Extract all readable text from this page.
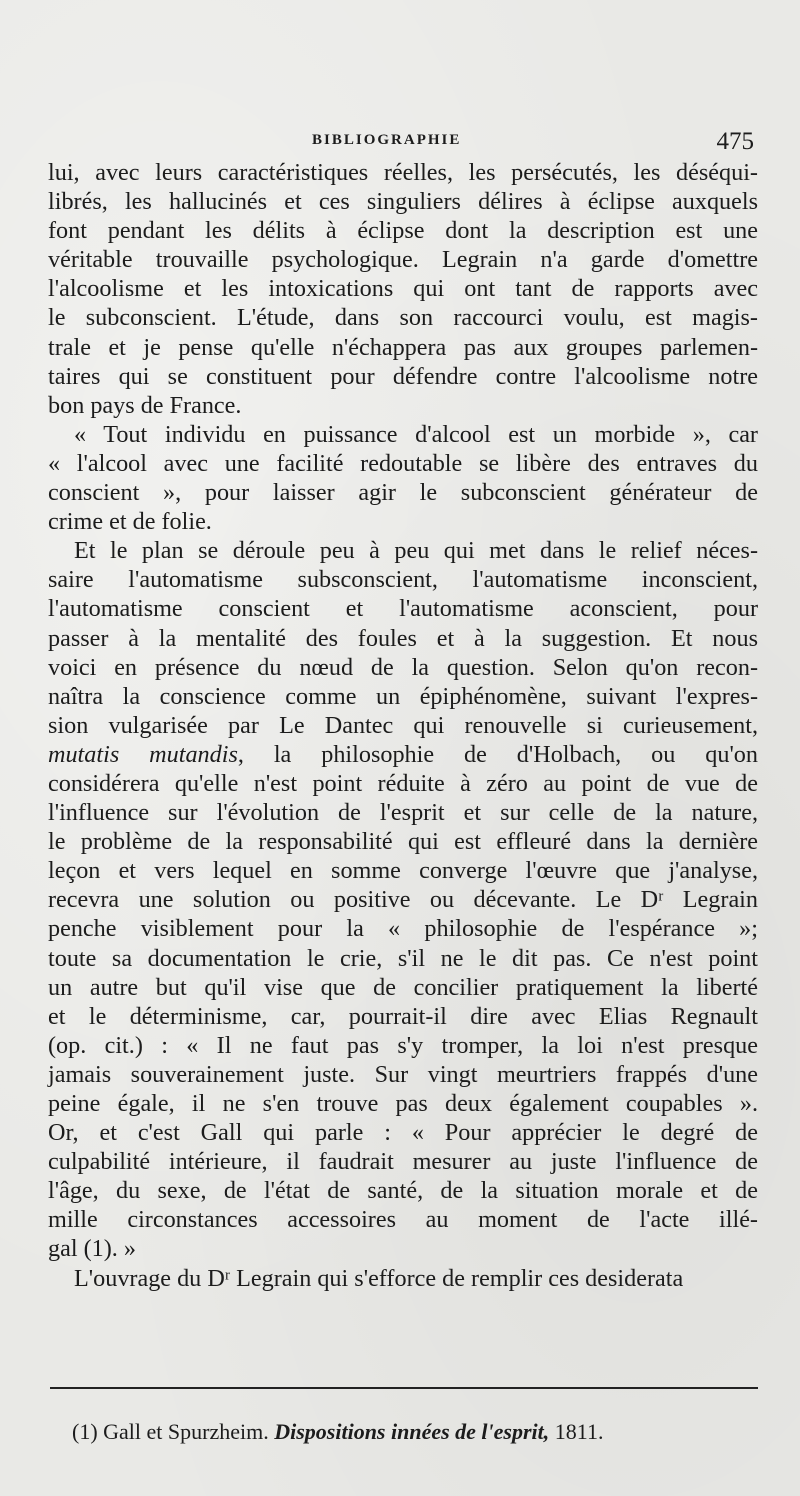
BIBLIOGRAPHIE	475
lui, avec leurs caractéristiques réelles, les persécutés, les déséqui-
librés, les hallucinés et ces singuliers délires à éclipse auxquels
font pendant les délits à éclipse dont la description est une
véritable trouvaille psychologique. Legrain n'a garde d'omettre
l'alcoolisme et les intoxications qui ont tant de rapports avec
le subconscient. L'étude, dans son raccourci voulu, est magis-
trale et je pense qu'elle n'échappera pas aux groupes parlemen-
taires qui se constituent pour défendre contre l'alcoolisme notre
bon pays de France.
« Tout individu en puissance d'alcool est un morbide », car
« l'alcool avec une facilité redoutable se libère des entraves du
conscient », pour laisser agir le subconscient générateur de
crime et de folie.
Et le plan se déroule peu à peu qui met dans le relief néces-
saire l'automatisme subsconscient, l'automatisme inconscient,
l'automatisme conscient et l'automatisme aconscient, pour
passer à la mentalité des foules et à la suggestion. Et nous
voici en présence du nœud de la question. Selon qu'on recon-
naîtra la conscience comme un épiphénomène, suivant l'expres-
sion vulgarisée par Le Dantec qui renouvelle si curieusement,
mutatis mutandis, la philosophie de d'Holbach, ou qu'on
considérera qu'elle n'est point réduite à zéro au point de vue de
l'influence sur l'évolution de l'esprit et sur celle de la nature,
le problème de la responsabilité qui est effleuré dans la dernière
leçon et vers lequel en somme converge l'œuvre que j'analyse,
recevra une solution ou positive ou décevante. Le Dʳ Legrain
penche visiblement pour la « philosophie de l'espérance »;
toute sa documentation le crie, s'il ne le dit pas. Ce n'est point
un autre but qu'il vise que de concilier pratiquement la liberté
et le déterminisme, car, pourrait-il dire avec Elias Regnault
(op. cit.) : « Il ne faut pas s'y tromper, la loi n'est presque
jamais souverainement juste. Sur vingt meurtriers frappés d'une
peine égale, il ne s'en trouve pas deux également coupables ».
Or, et c'est Gall qui parle : « Pour apprécier le degré de
culpabilité intérieure, il faudrait mesurer au juste l'influence de
l'âge, du sexe, de l'état de santé, de la situation morale et de
mille circonstances accessoires au moment de l'acte illé-
gal (1). »
L'ouvrage du Dʳ Legrain qui s'efforce de remplir ces desiderata
(1) Gall et Spurzheim. Dispositions innées de l'esprit, 1811.
